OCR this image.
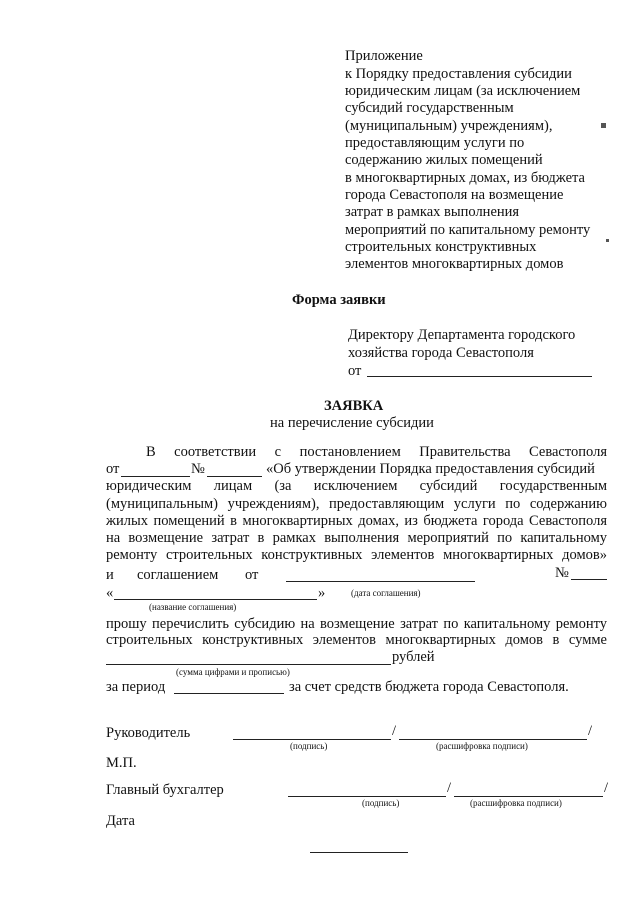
Приложение
к Порядку предоставления субсидии
юридическим лицам (за исключением
субсидий государственным
(муниципальным) учреждениям),
предоставляющим услуги по
содержанию жилых помещений
в многоквартирных домах, из бюджета
города Севастополя на возмещение
затрат в рамках выполнения
мероприятий по капитальному ремонту
строительных конструктивных
элементов многоквартирных домов
Форма заявки
Директору Департамента городского
хозяйства города Севастополя
от
ЗАЯВКА
на перечисление субсидии
В соответствии с постановлением Правительства Севастополя
от	№	«Об утверждении Порядка предоставления субсидий
юридическим лицам (за исключением субсидий государственным
(муниципальным) учреждениям), предоставляющим услуги по содержанию
жилых помещений в многоквартирных домах, из бюджета города Севастополя
на возмещение затрат в рамках выполнения мероприятий по капитальному
ремонту строительных конструктивных элементов многоквартирных домов»
и соглашением от	№
«	»	(дата соглашения)
(название соглашения)
прошу перечислить субсидию на возмещение затрат по капитальному ремонту
строительных конструктивных элементов многоквартирных домов в сумме
рублей
(сумма цифрами и прописью)
за период	за счет средств бюджета города Севастополя.
Руководитель	/	/
(подпись)	(расшифровка подписи)
М.П.
Главный бухгалтер	/	/
(подпись)	(расшифровка подписи)
Дата
